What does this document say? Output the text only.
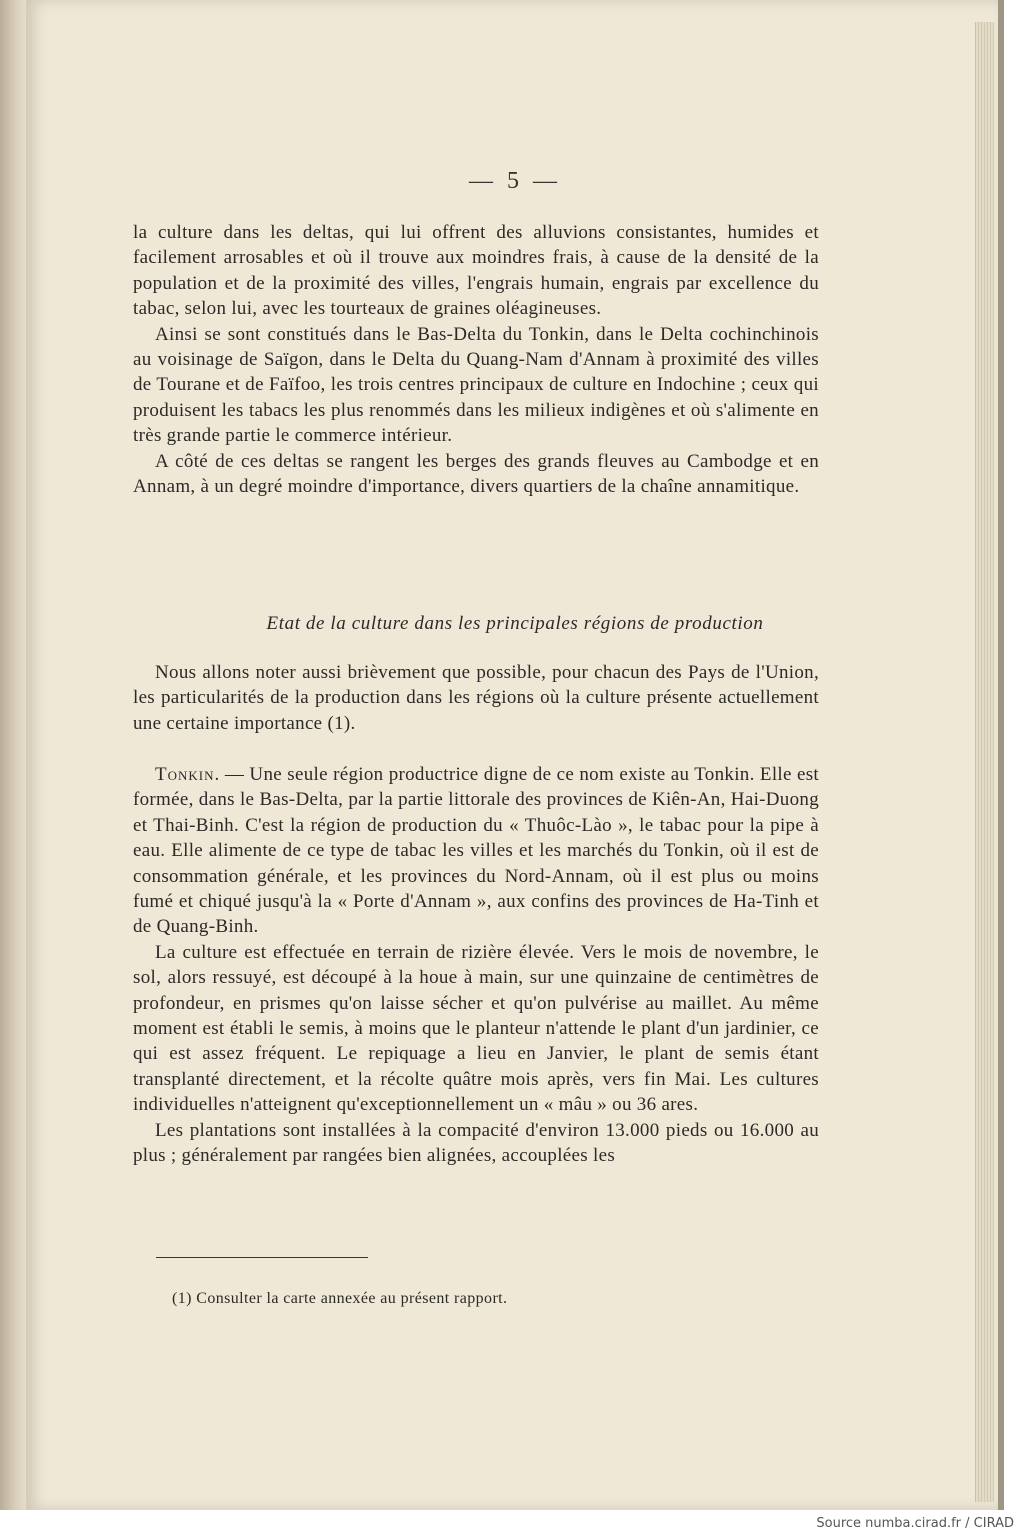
— 5 —

la culture dans les deltas, qui lui offrent des alluvions consistantes, humides et facilement arrosables et où il trouve aux moindres frais, à cause de la densité de la population et de la proximité des villes, l'engrais humain, engrais par excellence du tabac, selon lui, avec les tourteaux de graines oléagineuses.

Ainsi se sont constitués dans le Bas-Delta du Tonkin, dans le Delta cochinchinois au voisinage de Saïgon, dans le Delta du Quang-Nam d'Annam à proximité des villes de Tourane et de Faïfoo, les trois centres principaux de culture en Indochine ; ceux qui produisent les tabacs les plus renommés dans les milieux indigènes et où s'alimente en très grande partie le commerce intérieur.

A côté de ces deltas se rangent les berges des grands fleuves au Cambodge et en Annam, à un degré moindre d'importance, divers quartiers de la chaîne annamitique.

Etat de la culture dans les principales régions de production

Nous allons noter aussi brièvement que possible, pour chacun des Pays de l'Union, les particularités de la production dans les régions où la culture présente actuellement une certaine importance (1).

Tonkin. — Une seule région productrice digne de ce nom existe au Tonkin. Elle est formée, dans le Bas-Delta, par la partie littorale des provinces de Kiên-An, Hai-Duong et Thai-Binh. C'est la région de production du « Thuôc-Lào », le tabac pour la pipe à eau. Elle alimente de ce type de tabac les villes et les marchés du Tonkin, où il est de consommation générale, et les provinces du Nord-Annam, où il est plus ou moins fumé et chiqué jusqu'à la « Porte d'Annam », aux confins des provinces de Ha-Tinh et de Quang-Binh.

La culture est effectuée en terrain de rizière élevée. Vers le mois de novembre, le sol, alors ressuyé, est découpé à la houe à main, sur une quinzaine de centimètres de profondeur, en prismes qu'on laisse sécher et qu'on pulvérise au maillet. Au même moment est établi le semis, à moins que le planteur n'attende le plant d'un jardinier, ce qui est assez fréquent. Le repiquage a lieu en Janvier, le plant de semis étant transplanté directement, et la récolte quâtre mois après, vers fin Mai. Les cultures individuelles n'atteignent qu'exceptionnellement un « mâu » ou 36 ares.

Les plantations sont installées à la compacité d'environ 13.000 pieds ou 16.000 au plus ; généralement par rangées bien alignées, accouplées les

(1) Consulter la carte annexée au présent rapport.
Source numba.cirad.fr / CIRAD
